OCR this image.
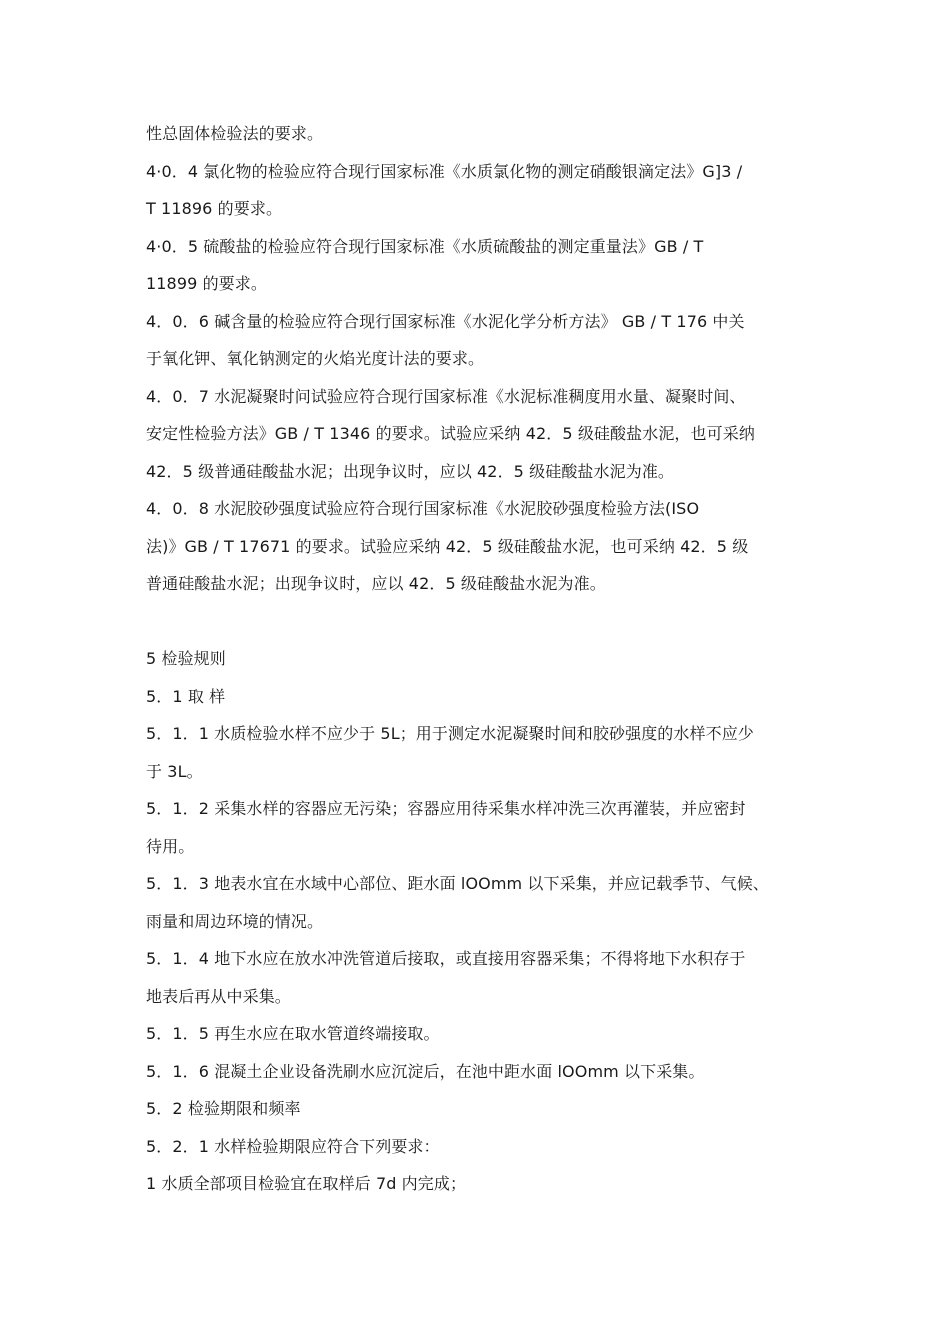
性总固体检验法的要求。
4·0．4 氯化物的检验应符合现行国家标准《水质氯化物的测定硝酸银滴定法》G]3 /
T 11896 的要求。
4·0．5 硫酸盐的检验应符合现行国家标准《水质硫酸盐的测定重量法》GB / T
11899 的要求。
4．0．6 碱含量的检验应符合现行国家标准《水泥化学分析方法》 GB / T 176 中关
于氧化钾、氧化钠测定的火焰光度计法的要求。
4．0．7 水泥凝聚时问试验应符合现行国家标准《水泥标准稠度用水量、凝聚时间、
安定性检验方法》GB / T 1346 的要求。试验应采纳 42．5 级硅酸盐水泥，也可采纳
42．5 级普通硅酸盐水泥；出现争议时，应以 42．5 级硅酸盐水泥为准。
4．0．8 水泥胶砂强度试验应符合现行国家标准《水泥胶砂强度检验方法(ISO
法)》GB / T 17671 的要求。试验应采纳 42．5 级硅酸盐水泥，也可采纳 42．5 级
普通硅酸盐水泥；出现争议时，应以 42．5 级硅酸盐水泥为准。
5 检验规则
5．1 取 样
5．1．1 水质检验水样不应少于 5L；用于测定水泥凝聚时间和胶砂强度的水样不应少
于 3L。
5．1．2 采集水样的容器应无污染；容器应用待采集水样冲洗三次再灌装，并应密封
待用。
5．1．3 地表水宜在水域中心部位、距水面 lOOmm 以下采集，并应记载季节、气候、
雨量和周边环境的情况。
5．1．4 地下水应在放水冲洗管道后接取，或直接用容器采集；不得将地下水积存于
地表后再从中采集。
5．1．5 再生水应在取水管道终端接取。
5．1．6 混凝土企业设备洗刷水应沉淀后，在池中距水面 lOOmm 以下采集。
5．2 检验期限和频率
5．2．1 水样检验期限应符合下列要求：
1 水质全部项目检验宜在取样后 7d 内完成；
